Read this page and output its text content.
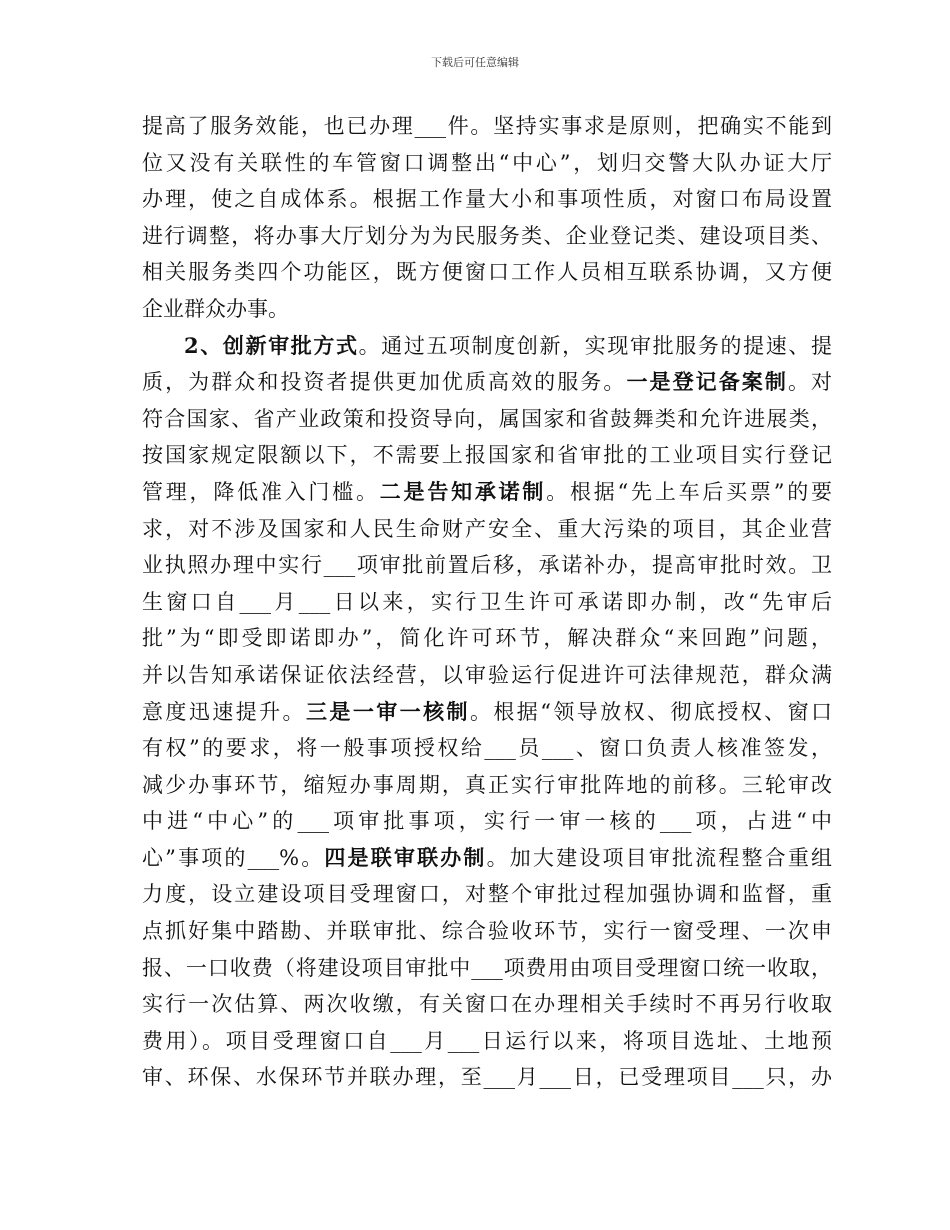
下载后可任意编辑
提高了服务效能，也已办理___件。坚持实事求是原则，把确实不能到
位又没有关联性的车管窗口调整出“中心”，划归交警大队办证大厅
办理，使之自成体系。根据工作量大小和事项性质，对窗口布局设置
进行调整，将办事大厅划分为为民服务类、企业登记类、建设项目类、
相关服务类四个功能区，既方便窗口工作人员相互联系协调，又方便
企业群众办事。
2、创新审批方式。通过五项制度创新，实现审批服务的提速、提
质，为群众和投资者提供更加优质高效的服务。一是登记备案制。对
符合国家、省产业政策和投资导向，属国家和省鼓舞类和允许进展类，
按国家规定限额以下，不需要上报国家和省审批的工业项目实行登记
管理，降低准入门槛。二是告知承诺制。根据“先上车后买票”的要
求，对不涉及国家和人民生命财产安全、重大污染的项目，其企业营
业执照办理中实行___项审批前置后移，承诺补办，提高审批时效。卫
生窗口自___月___日以来，实行卫生许可承诺即办制，改“先审后
批”为“即受即诺即办”，简化许可环节，解决群众“来回跑”问题，
并以告知承诺保证依法经营，以审验运行促进许可法律规范，群众满
意度迅速提升。三是一审一核制。根据“领导放权、彻底授权、窗口
有权”的要求，将一般事项授权给___员___、窗口负责人核准签发，
减少办事环节，缩短办事周期，真正实行审批阵地的前移。三轮审改
中进“中心”的___项审批事项，实行一审一核的___项，占进“中
心”事项的___%。四是联审联办制。加大建设项目审批流程整合重组
力度，设立建设项目受理窗口，对整个审批过程加强协调和监督，重
点抓好集中踏勘、并联审批、综合验收环节，实行一窗受理、一次申
报、一口收费（将建设项目审批中___项费用由项目受理窗口统一收取，
实行一次估算、两次收缴，有关窗口在办理相关手续时不再另行收取
费用）。项目受理窗口自___月___日运行以来，将项目选址、土地预
审、环保、水保环节并联办理，至___月___日，已受理项目___只，办
